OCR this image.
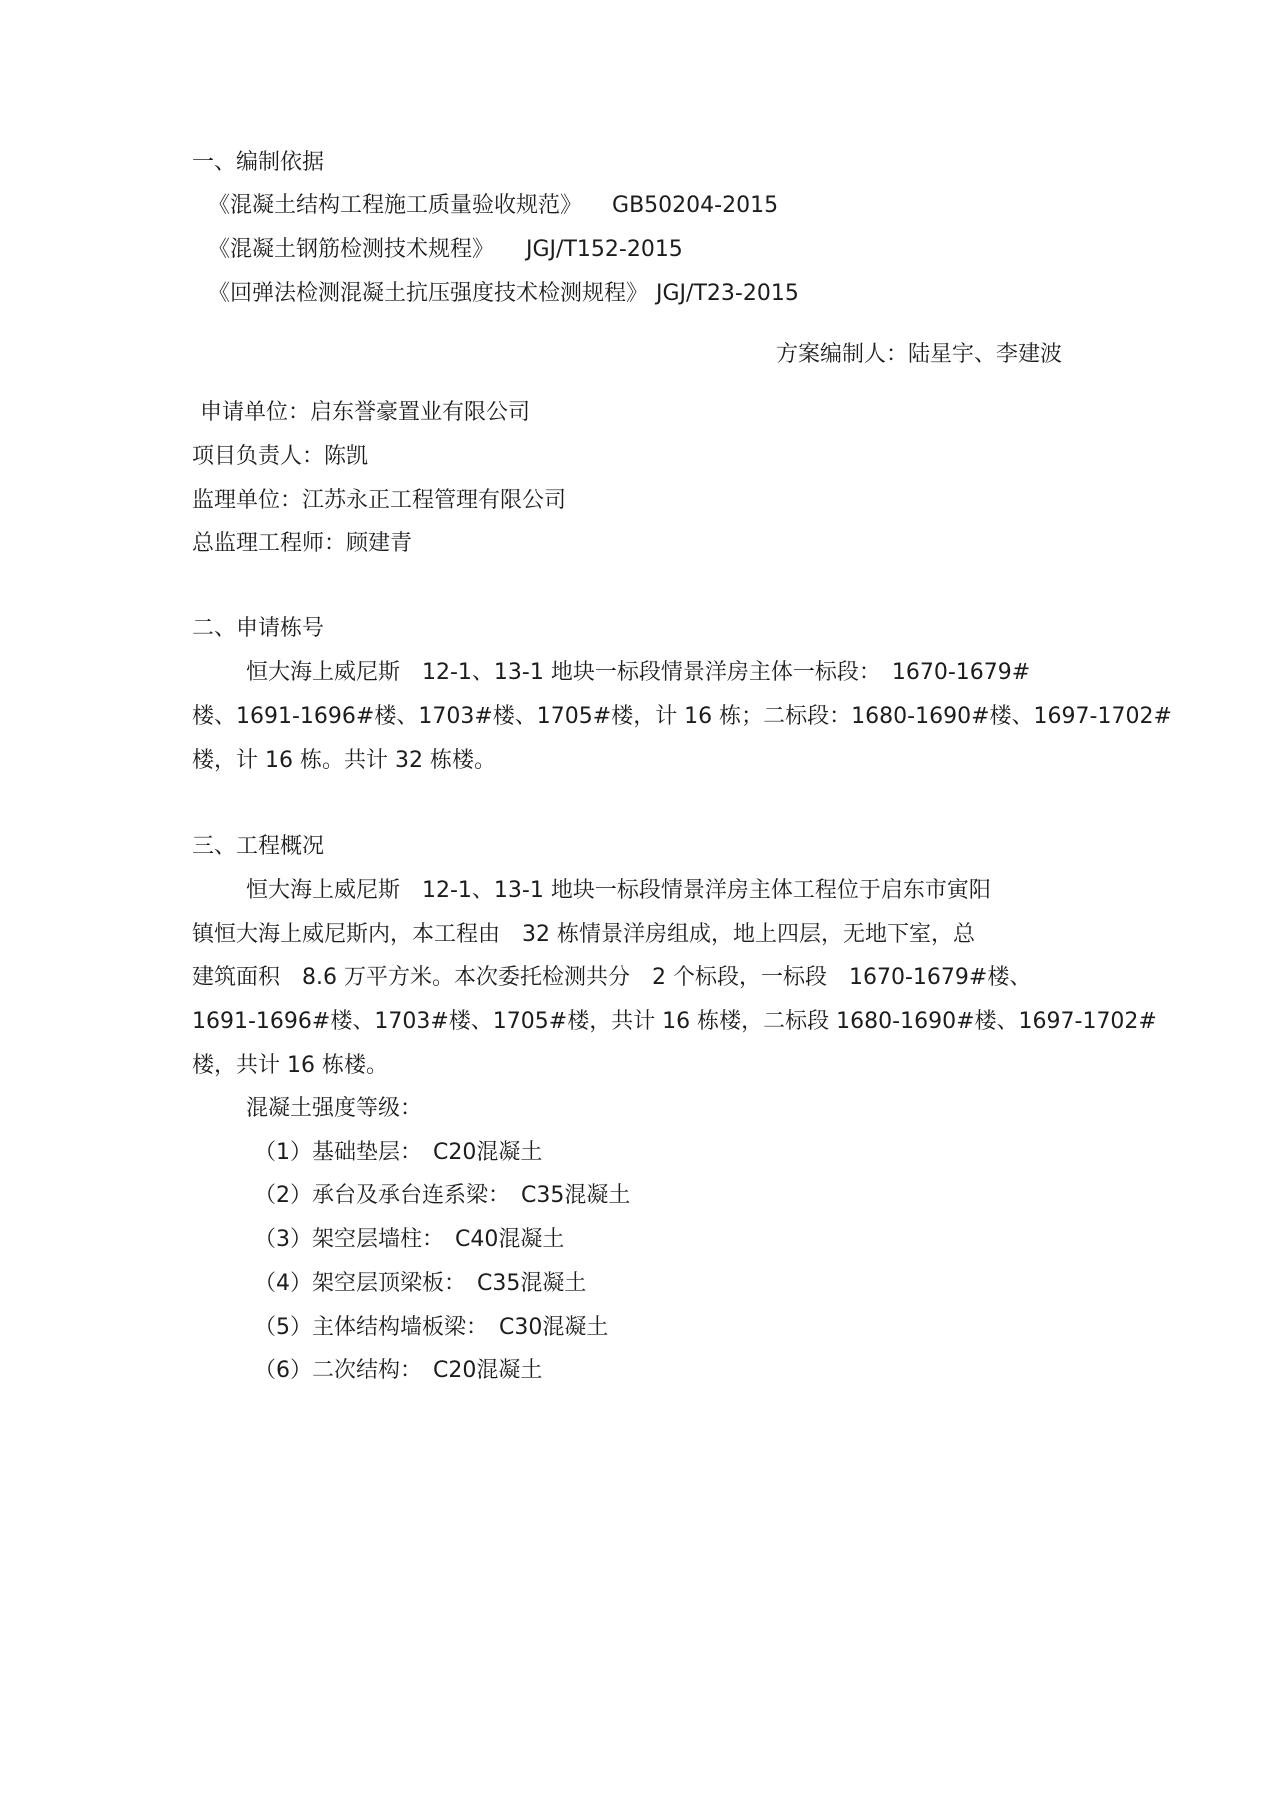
一、编制依据
《混凝土结构工程施工质量验收规范》 GB50204-2015
《混凝土钢筋检测技术规程》 JGJ/T152-2015
《回弹法检测混凝土抗压强度技术检测规程》 JGJ/T23-2015
方案编制人：陆星宇、李建波
申请单位：启东誉豪置业有限公司
项目负责人：陈凯
监理单位：江苏永正工程管理有限公司
总监理工程师：顾建青
二、申请栋号
恒大海上威尼斯　12-1、13-1 地块一标段情景洋房主体一标段：　1670-1679#
楼、1691-1696#楼、1703#楼、1705#楼，计 16 栋；二标段：1680-1690#楼、1697-1702#
楼，计 16 栋。共计 32 栋楼。
三、工程概况
恒大海上威尼斯　12-1、13-1 地块一标段情景洋房主体工程位于启东市寅阳
镇恒大海上威尼斯内，本工程由　32 栋情景洋房组成，地上四层，无地下室，总
建筑面积　8.6 万平方米。本次委托检测共分　2 个标段，一标段　1670-1679#楼、
1691-1696#楼、1703#楼、1705#楼，共计 16 栋楼，二标段 1680-1690#楼、1697-1702#
楼，共计 16 栋楼。
混凝土强度等级：
（1）基础垫层：　C20混凝土
（2）承台及承台连系梁：　C35混凝土
（3）架空层墙柱：　C40混凝土
（4）架空层顶梁板：　C35混凝土
（5）主体结构墙板梁：　C30混凝土
（6）二次结构：　C20混凝土
